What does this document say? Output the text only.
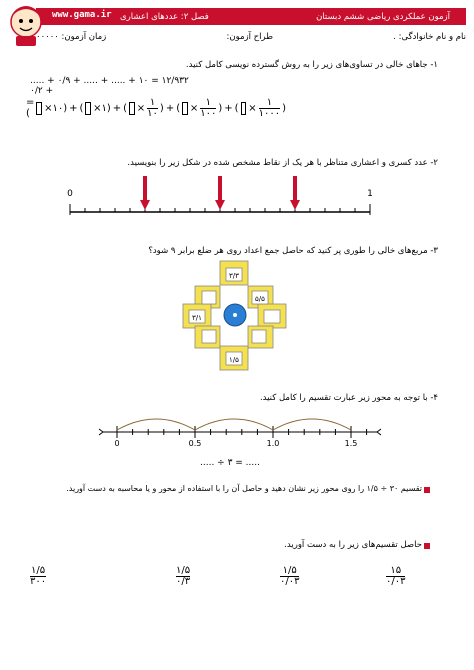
فصل ۲: عددهای اعشاری	آزمون عملکردی ریاضی ششم دبستان
www.gama.ir
نام و نام خانوادگی: .
طراح آزمون:
زمان آزمون: ۰۰۰۰۰
۱- جاهای خالی در تساوی‌های زیر را به روش گسترده نویسی کامل کنید.
۱۲/۹۳۲ = ۱۰ + ..... + ..... + ۰/۹ + ..... + ۰/۲
= (	×۱۰) + ( ×۱) + ( × $\frac{۱}{۱۰}$ ) + ( × $\frac{۱}{۱۰۰}$ ) + ( × $\frac{۱}{۱۰۰۰}$ )
۲- عدد کسری و اعشاری متناظر با هر یک از نقاط مشخص شده در شکل زیر را بنویسید.
0	1
۳- مربع‌های خالی را طوری پر کنید که حاصل جمع اعداد روی هر ضلع برابر ۹ شود؟
۳/۳
۵/۵
۳/۱
۱/۵
۴- با توجه به محور زیر عبارت تقسیم را کامل کنید.
0	0.5	1.0	1.5
..... ÷ ۳ = .....
تقسیم ۳۰ ÷ ۱/۵ را روی محور زیر نشان دهید و حاصل آن را با استفاده از محور و یا محاسبه به دست آورید.
حاصل تقسیم‌های زیر را به دست آورید.
۱/۵
۳۰۰
۱/۵
۰/۳
۱/۵
۰/۰۳
۱۵
۰/۰۳
